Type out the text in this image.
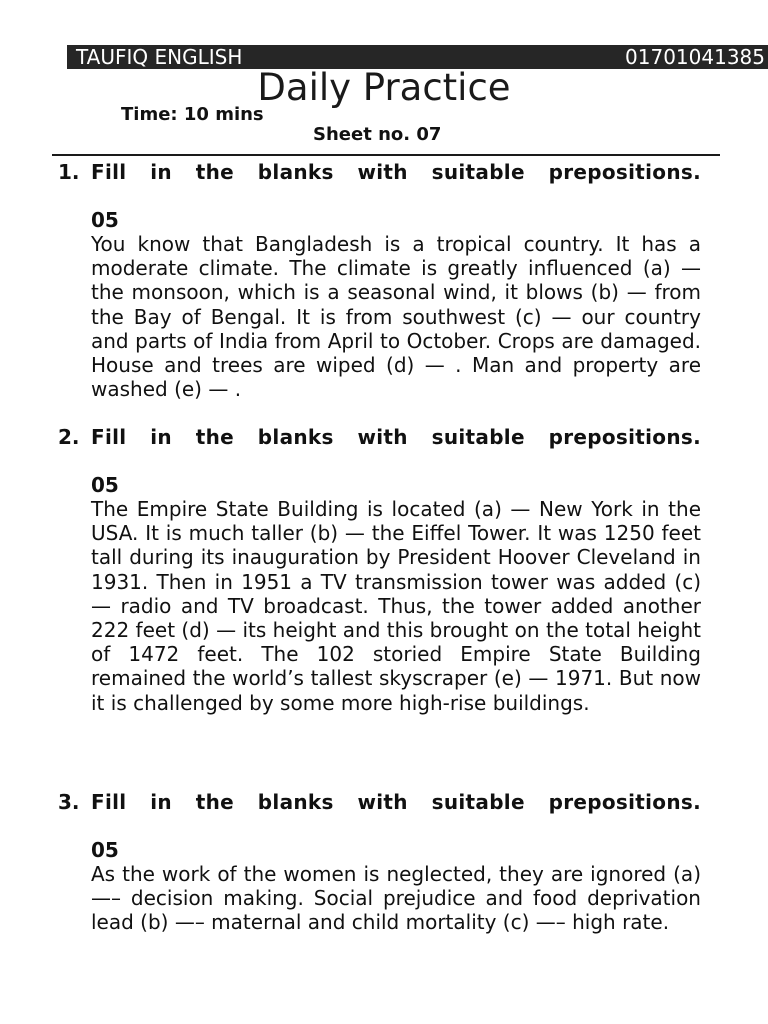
TAUFIQ ENGLISH	01701041385
Daily Practice
Time: 10 mins
Sheet no. 07
1. Fill in the blanks with suitable prepositions.
05
You know that Bangladesh is a tropical country. It has a moderate climate. The climate is greatly influenced (a) — the monsoon, which is a seasonal wind, it blows (b) — from the Bay of Bengal. It is from southwest (c) — our country and parts of India from April to October. Crops are damaged. House and trees are wiped (d) — . Man and property are washed (e) — .
2. Fill in the blanks with suitable prepositions.
05
The Empire State Building is located (a) — New York in the USA. It is much taller (b) — the Eiffel Tower. It was 1250 feet tall during its inauguration by President Hoover Cleveland in 1931. Then in 1951 a TV transmission tower was added (c) — radio and TV broadcast. Thus, the tower added another 222 feet (d) — its height and this brought on the total height of 1472 feet. The 102 storied Empire State Building remained the world’s tallest skyscraper (e) — 1971. But now it is challenged by some more high-rise buildings.
3. Fill in the blanks with suitable prepositions.
05
As the work of the women is neglected, they are ignored (a) —– decision making. Social prejudice and food deprivation lead (b) —– maternal and child mortality (c) —– high rate.
